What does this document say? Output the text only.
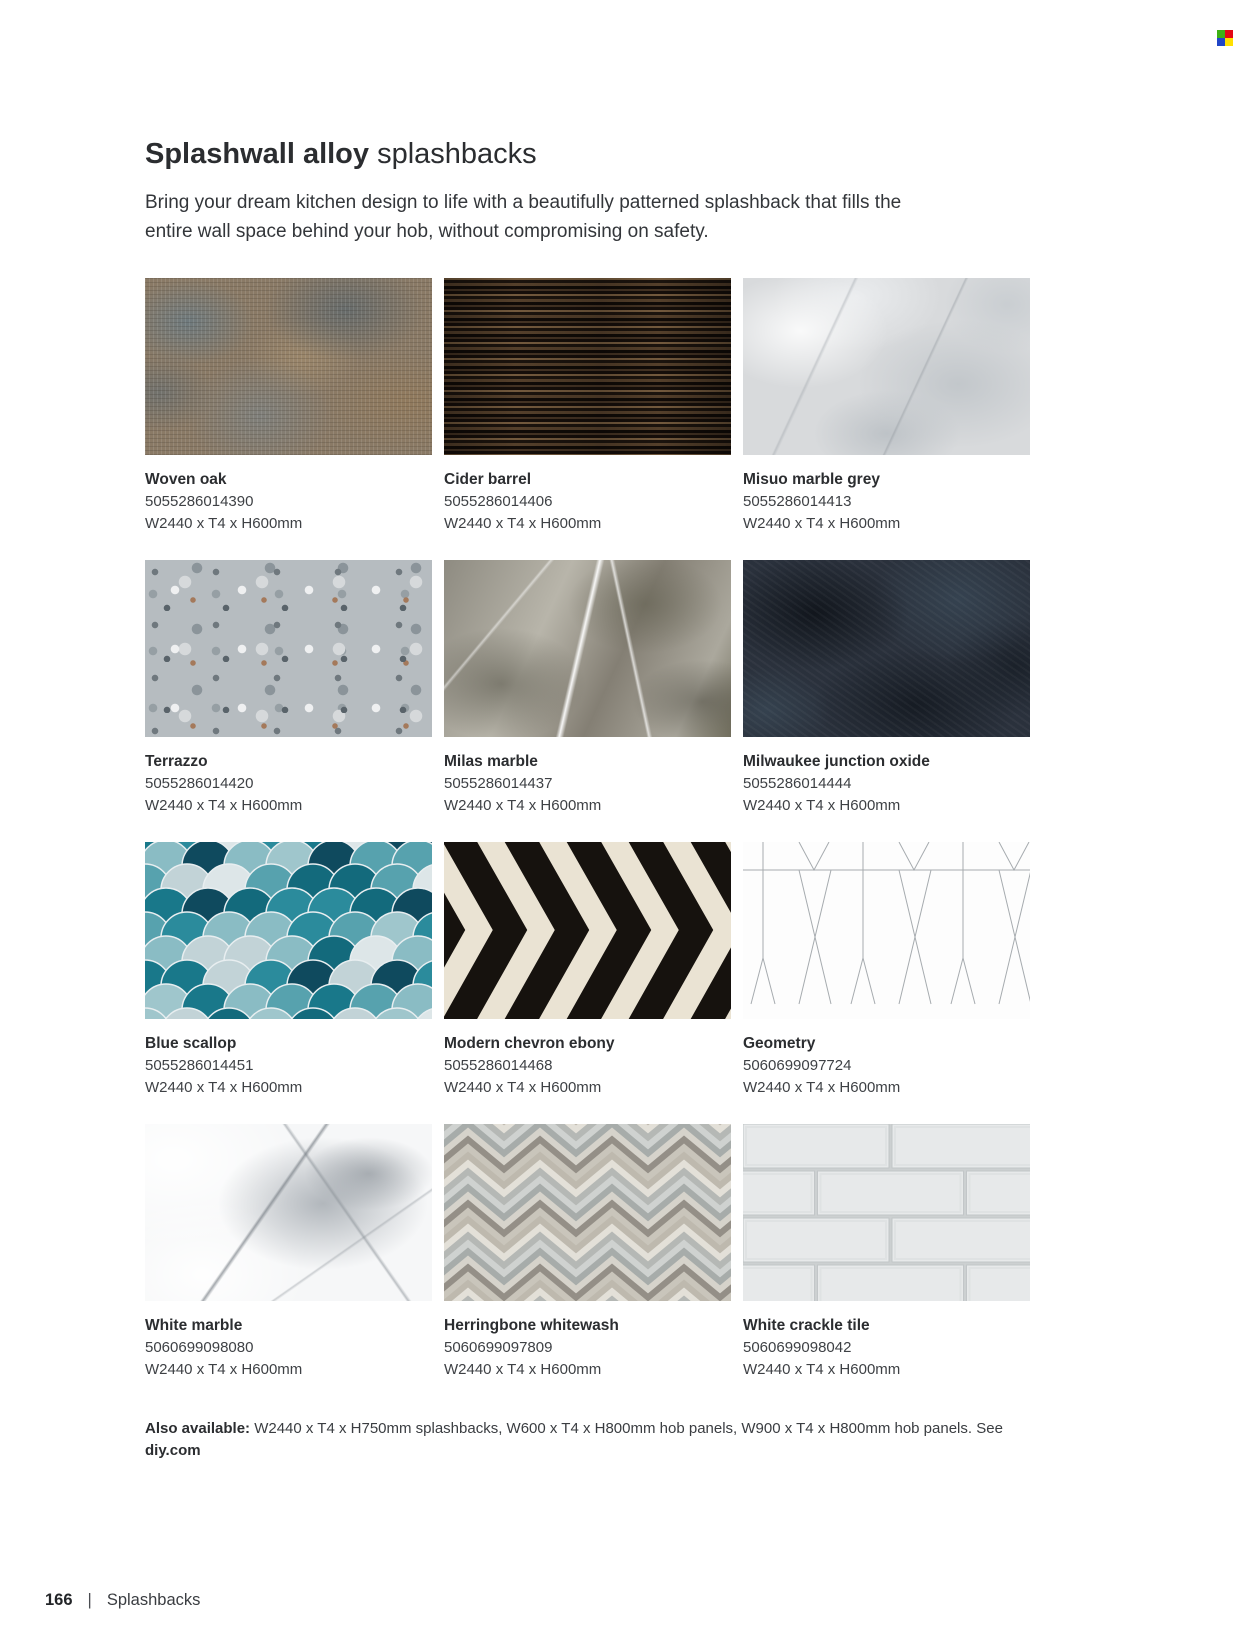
Splashwall alloy splashbacks

Bring your dream kitchen design to life with a beautifully patterned splashback that fills the entire wall space behind your hob, without compromising on safety.

Woven oak
5055286014390
W2440 x T4 x H600mm
Cider barrel
5055286014406
W2440 x T4 x H600mm
Misuo marble grey
5055286014413
W2440 x T4 x H600mm
Terrazzo
5055286014420
W2440 x T4 x H600mm
Milas marble
5055286014437
W2440 x T4 x H600mm
Milwaukee junction oxide
5055286014444
W2440 x T4 x H600mm
Blue scallop
5055286014451
W2440 x T4 x H600mm
Modern chevron ebony
5055286014468
W2440 x T4 x H600mm
Geometry
5060699097724
W2440 x T4 x H600mm
White marble
5060699098080
W2440 x T4 x H600mm
Herringbone whitewash
5060699097809
W2440 x T4 x H600mm
White crackle tile
5060699098042
W2440 x T4 x H600mm

Also available: W2440 x T4 x H750mm splashbacks, W600 x T4 x H800mm hob panels, W900 x T4 x H800mm hob panels. See diy.com

166 | Splashbacks
